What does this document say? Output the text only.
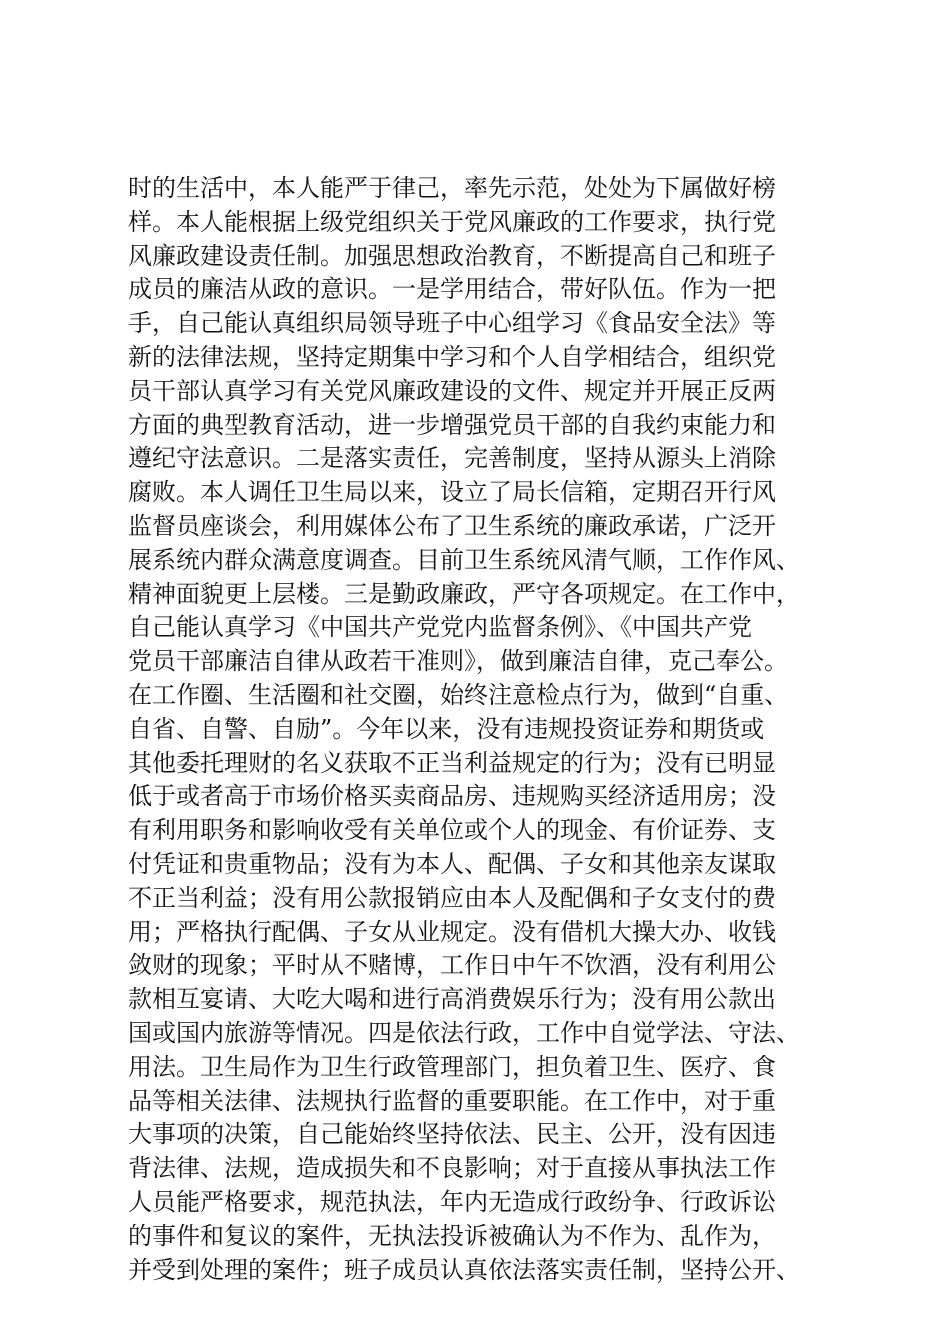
时的生活中，本人能严于律己，率先示范，处处为下属做好榜
样。本人能根据上级党组织关于党风廉政的工作要求，执行党
风廉政建设责任制。加强思想政治教育，不断提高自己和班子
成员的廉洁从政的意识。一是学用结合，带好队伍。作为一把
手，自己能认真组织局领导班子中心组学习《食品安全法》等
新的法律法规，坚持定期集中学习和个人自学相结合，组织党
员干部认真学习有关党风廉政建设的文件、规定并开展正反两
方面的典型教育活动，进一步增强党员干部的自我约束能力和
遵纪守法意识。二是落实责任，完善制度，坚持从源头上消除
腐败。本人调任卫生局以来，设立了局长信箱，定期召开行风
监督员座谈会，利用媒体公布了卫生系统的廉政承诺，广泛开
展系统内群众满意度调查。目前卫生系统风清气顺，工作作风、
精神面貌更上层楼。三是勤政廉政，严守各项规定。在工作中，
自己能认真学习《中国共产党党内监督条例》、《中国共产党
党员干部廉洁自律从政若干准则》，做到廉洁自律，克己奉公。
在工作圈、生活圈和社交圈，始终注意检点行为，做到“自重、
自省、自警、自励”。今年以来，没有违规投资证券和期货或
其他委托理财的名义获取不正当利益规定的行为；没有已明显
低于或者高于市场价格买卖商品房、违规购买经济适用房；没
有利用职务和影响收受有关单位或个人的现金、有价证券、支
付凭证和贵重物品；没有为本人、配偶、子女和其他亲友谋取
不正当利益；没有用公款报销应由本人及配偶和子女支付的费
用；严格执行配偶、子女从业规定。没有借机大操大办、收钱
敛财的现象；平时从不赌博，工作日中午不饮酒，没有利用公
款相互宴请、大吃大喝和进行高消费娱乐行为；没有用公款出
国或国内旅游等情况。四是依法行政，工作中自觉学法、守法、
用法。卫生局作为卫生行政管理部门，担负着卫生、医疗、食
品等相关法律、法规执行监督的重要职能。在工作中，对于重
大事项的决策，自己能始终坚持依法、民主、公开，没有因违
背法律、法规，造成损失和不良影响；对于直接从事执法工作
人员能严格要求，规范执法，年内无造成行政纷争、行政诉讼
的事件和复议的案件，无执法投诉被确认为不作为、乱作为，
并受到处理的案件；班子成员认真依法落实责任制，坚持公开、
